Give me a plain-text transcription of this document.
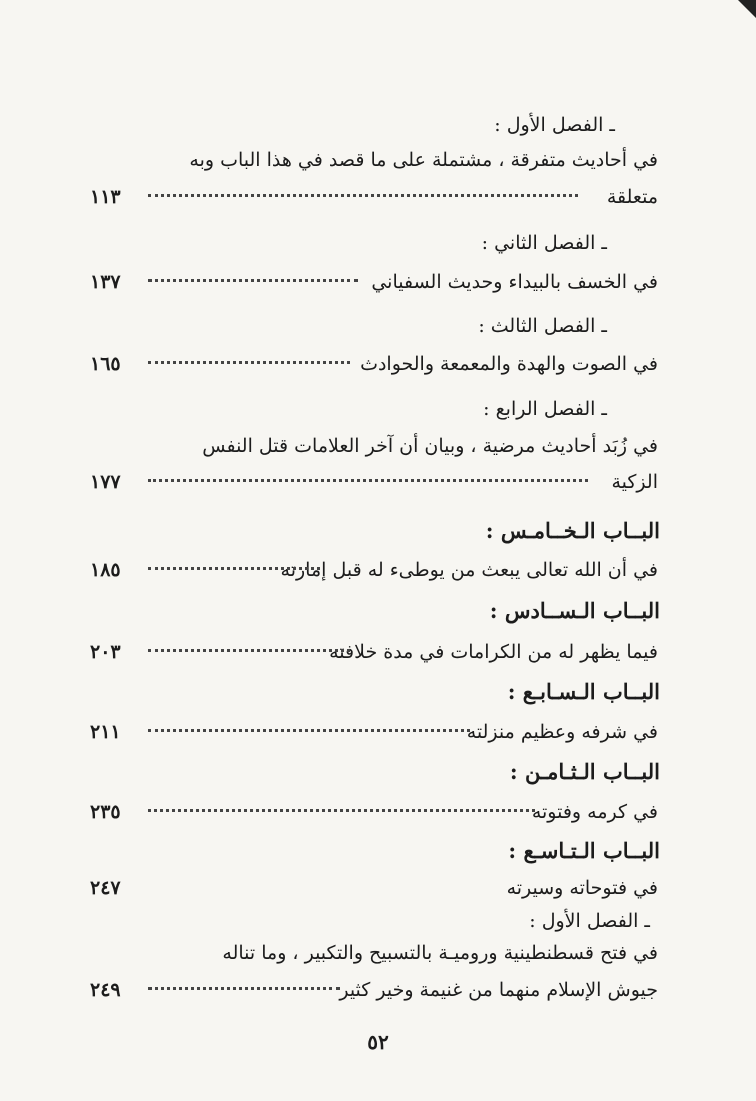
ـ الفصل الأول :
في أحاديث متفرقة ، مشتملة على ما قصد في هذا الباب وبه
متعلقة
١١٣
ـ الفصل الثاني :
في الخسف بالبيداء وحديث السفياني
١٣٧
ـ الفصل الثالث :
في الصوت والهدة والمعمعة والحوادث
١٦٥
ـ الفصل الرابع :
في زُبَد أحاديث مرضية ، وبيان أن آخر العلامات قتل النفس
الزكية
١٧٧
البــاب الـخــامـس :
في أن الله تعالى يبعث من يوطىء له قبل إمارته
١٨٥
البــاب الـســادس :
فيما يظهر له من الكرامات في مدة خلافته
٢٠٣
البــاب الـسـابـع :
في شرفه وعظيم منزلته
٢١١
البــاب الـثـامـن :
في كرمه وفتوته
٢٣٥
البــاب الـتـاسـع :
في فتوحاته وسيرته
٢٤٧
ـ الفصل الأول :
في فتح قسطنطينية وروميـة بالتسبيح والتكبير ، وما تناله
جيوش الإسلام منهما من غنيمة وخير كثير
٢٤٩
٥٢
